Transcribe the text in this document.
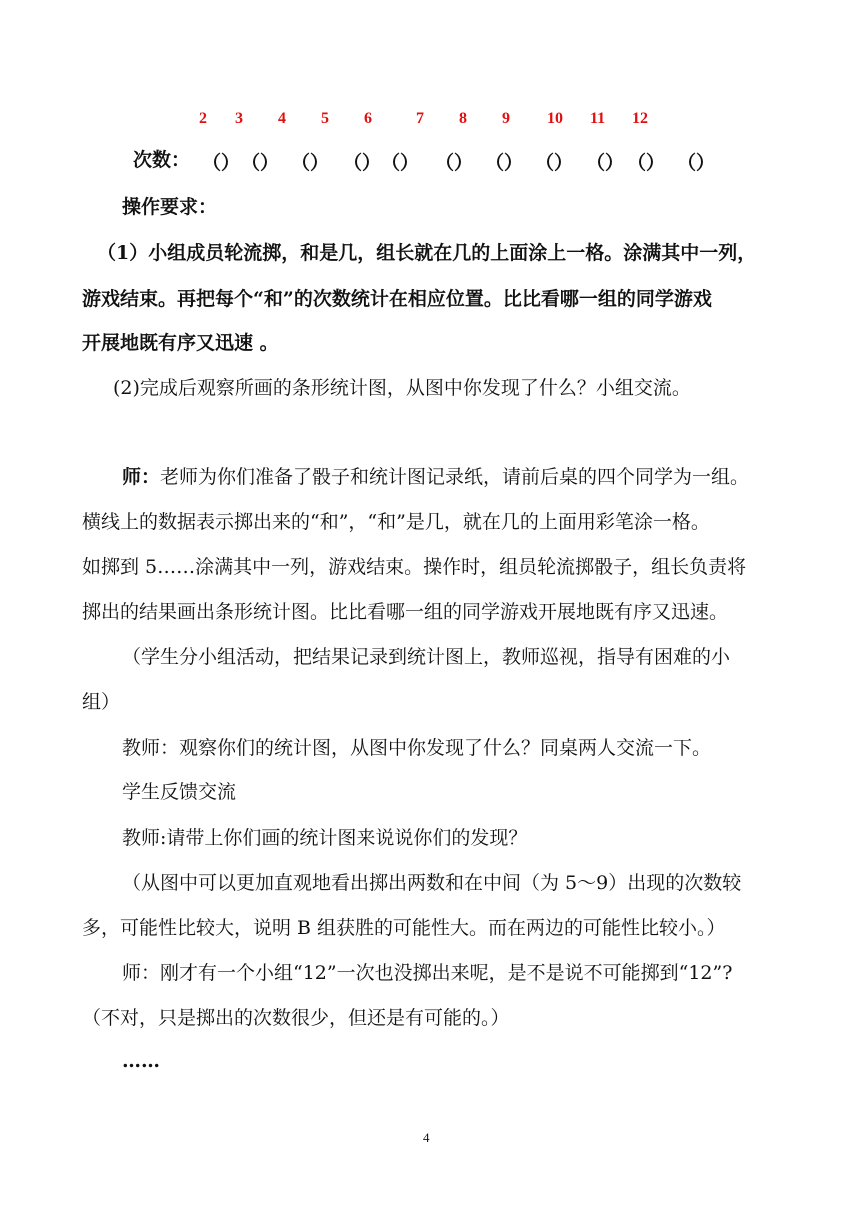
2 3 4 5 6	7 8 9 10 11 12
次数： （） （） （） （） （） （） （） （） （） （） （）
操作要求：
（1）小组成员轮流掷，和是几，组长就在几的上面涂上一格。涂满其中一列，
游戏结束。再把每个“和”的次数统计在相应位置。比比看哪一组的同学游戏
开展地既有序又迅速 。
(2)完成后观察所画的条形统计图，从图中你发现了什么？小组交流。
师：老师为你们准备了骰子和统计图记录纸，请前后桌的四个同学为一组。
横线上的数据表示掷出来的“和”，“和”是几，就在几的上面用彩笔涂一格。
如掷到 5……涂满其中一列，游戏结束。操作时，组员轮流掷骰子，组长负责将
掷出的结果画出条形统计图。比比看哪一组的同学游戏开展地既有序又迅速。
（学生分小组活动，把结果记录到统计图上，教师巡视，指导有困难的小
组）
教师：观察你们的统计图，从图中你发现了什么？同桌两人交流一下。
学生反馈交流
教师:请带上你们画的统计图来说说你们的发现？
（从图中可以更加直观地看出掷出两数和在中间（为 5～9）出现的次数较
多，可能性比较大，说明 B 组获胜的可能性大。而在两边的可能性比较小。）
师：刚才有一个小组“12”一次也没掷出来呢，是不是说不可能掷到“12”?
（不对，只是掷出的次数很少，但还是有可能的。）
……
4
